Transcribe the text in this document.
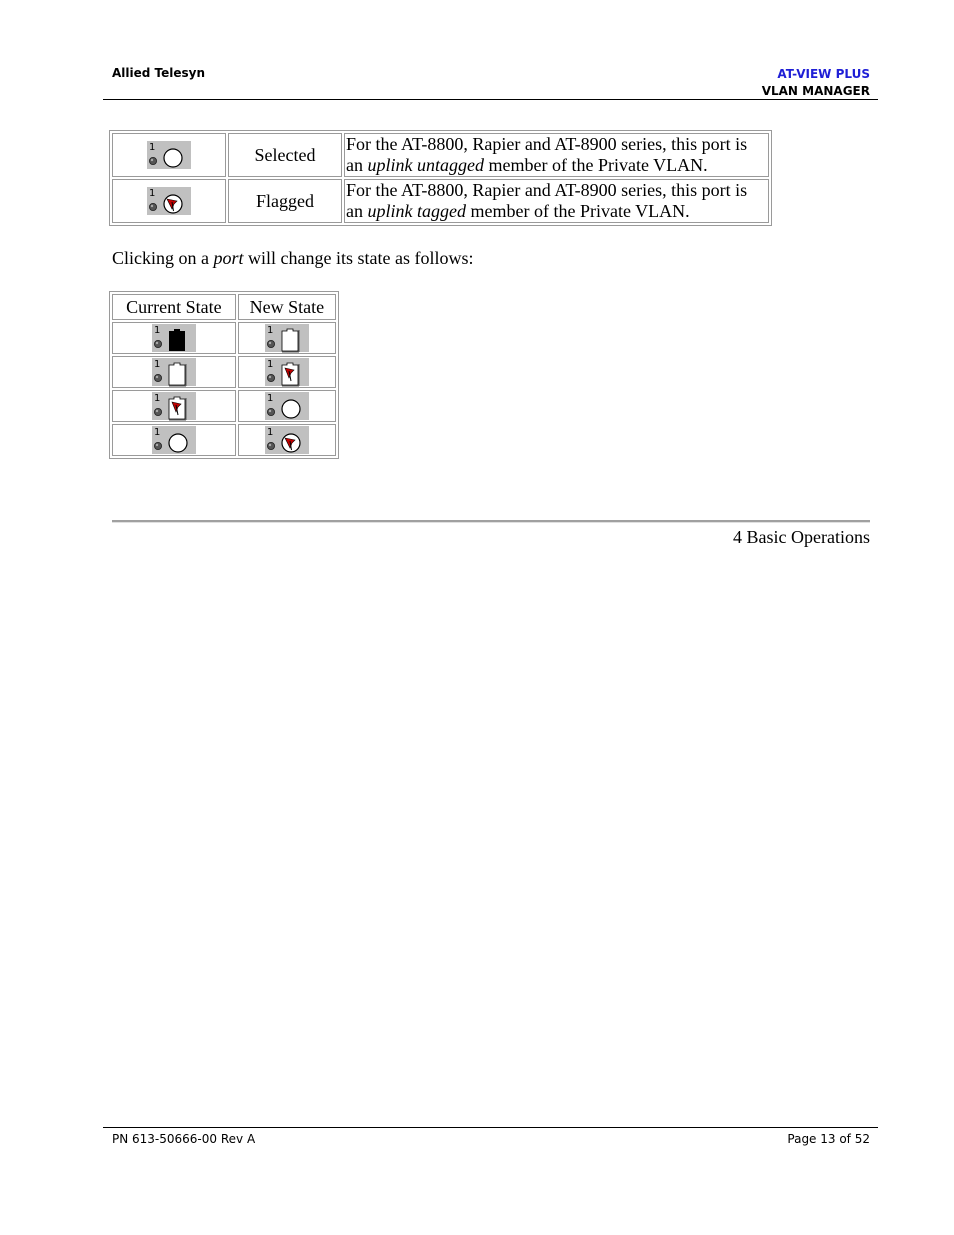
Allied Telesyn	AT-VIEW PLUS
VLAN MANAGER
1	Selected	For the AT-8800, Rapier and AT-8900 series, this port is an uplink untagged member of the Private VLAN.

1	Flagged	For the AT-8800, Rapier and AT-8900 series, this port is an uplink tagged member of the Private VLAN.
Clicking on a port will change its state as follows:
Current State	New State

1	1

1	1

1	1

1	1
4 Basic Operations
PN 613-50666-00 Rev A	Page 13 of 52
